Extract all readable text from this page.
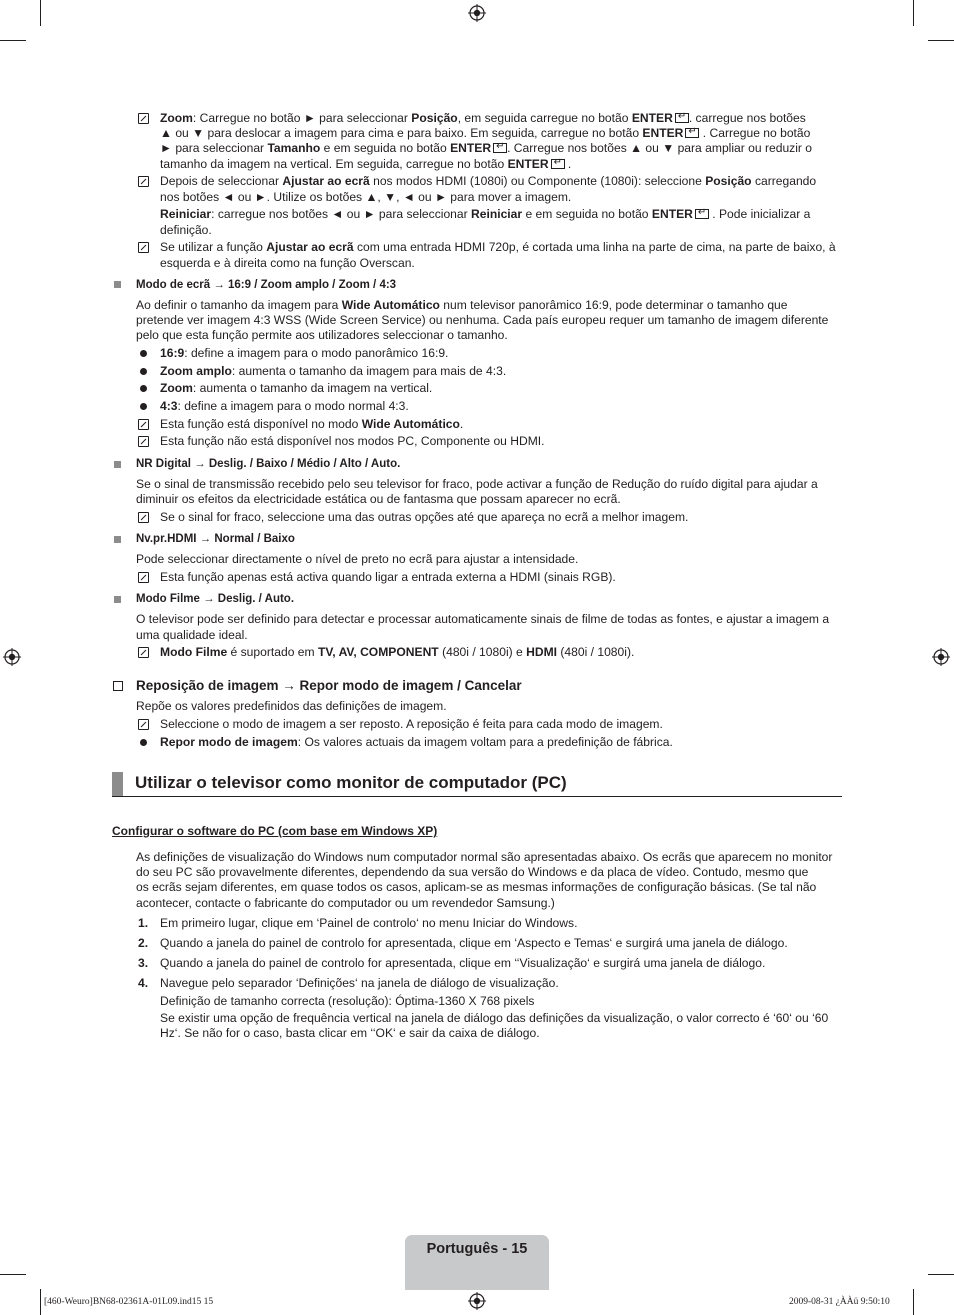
Zoom: Carregue no botão ► para seleccionar Posição, em seguida carregue no botão ENTER ↵ . carregue nos botões
▲ ou ▼ para deslocar a imagem para cima e para baixo. Em seguida, carregue no botão ENTER↵ . Carregue no botão
► para seleccionar Tamanho e em seguida no botão ENTER ↵ . Carregue nos botões ▲ ou ▼ para ampliar ou reduzir o
tamanho da imagem na vertical. Em seguida, carregue no botão ENTER↵ .
Depois de seleccionar Ajustar ao ecrã nos modos HDMI (1080i) ou Componente (1080i): seleccione Posição carregando
nos botões ◄ ou ►. Utilize os botões ▲, ▼, ◄ ou ► para mover a imagem.
Reiniciar: carregue nos botões ◄ ou ► para seleccionar Reiniciar e em seguida no botão ENTER↵ . Pode inicializar a
definição.
Se utilizar a função Ajustar ao ecrã com uma entrada HDMI 720p, é cortada uma linha na parte de cima, na parte de baixo, à
esquerda e à direita como na função Overscan.
Modo de ecrã → 16:9 / Zoom amplo / Zoom / 4:3
Ao definir o tamanho da imagem para Wide Automático num televisor panorâmico 16:9, pode determinar o tamanho que
pretende ver imagem 4:3 WSS (Wide Screen Service) ou nenhuma. Cada país europeu requer um tamanho de imagem diferente
pelo que esta função permite aos utilizadores seleccionar o tamanho.
16:9: define a imagem para o modo panorâmico 16:9.
Zoom amplo: aumenta o tamanho da imagem para mais de 4:3.
Zoom: aumenta o tamanho da imagem na vertical.
4:3: define a imagem para o modo normal 4:3.
Esta função está disponível no modo Wide Automático.
Esta função não está disponível nos modos PC, Componente ou HDMI.
NR Digital → Deslig. / Baixo / Médio / Alto / Auto.
Se o sinal de transmissão recebido pelo seu televisor for fraco, pode activar a função de Redução do ruído digital para ajudar a
diminuir os efeitos da electricidade estática ou de fantasma que possam aparecer no ecrã.
Se o sinal for fraco, seleccione uma das outras opções até que apareça no ecrã a melhor imagem.
Nv.pr.HDMI → Normal / Baixo
Pode seleccionar directamente o nível de preto no ecrã para ajustar a intensidade.
Esta função apenas está activa quando ligar a entrada externa a HDMI (sinais RGB).
Modo Filme → Deslig. / Auto.
O televisor pode ser definido para detectar e processar automaticamente sinais de filme de todas as fontes, e ajustar a imagem a
uma qualidade ideal.
Modo Filme é suportado em TV, AV, COMPONENT (480i / 1080i) e HDMI (480i / 1080i).
Reposição de imagem → Repor modo de imagem / Cancelar
Repõe os valores predefinidos das definições de imagem.
Seleccione o modo de imagem a ser reposto. A reposição é feita para cada modo de imagem.
Repor modo de imagem: Os valores actuais da imagem voltam para a predefinição de fábrica.
Utilizar o televisor como monitor de computador (PC)
Configurar o software do PC (com base em Windows XP)
As definições de visualização do Windows num computador normal são apresentadas abaixo. Os ecrãs que aparecem no monitor
do seu PC são provavelmente diferentes, dependendo da sua versão do Windows e da placa de vídeo. Contudo, mesmo que
os ecrãs sejam diferentes, em quase todos os casos, aplicam-se as mesmas informações de configuração básicas. (Se tal não
acontecer, contacte o fabricante do computador ou um revendedor Samsung.)
1. Em primeiro lugar, clique em ‘Painel de controlo‘ no menu Iniciar do Windows.
2. Quando a janela do painel de controlo for apresentada, clique em ‘Aspecto e Temas‘ e surgirá uma janela de diálogo.
3. Quando a janela do painel de controlo for apresentada, clique em ‘‘Visualização‘ e surgirá uma janela de diálogo.
4. Navegue pelo separador ‘Definições‘ na janela de diálogo de visualização.
Definição de tamanho correcta (resolução): Óptima-1360 X 768 pixels
Se existir uma opção de frequência vertical na janela de diálogo das definições da visualização, o valor correcto é ‘60‘ ou ‘60
Hz‘. Se não for o caso, basta clicar em ‘‘OK‘ e sair da caixa de diálogo.
Português - 15
[460-Weuro]BN68-02361A-01L09.ind15 15	2009-08-31 ¿ÀÀü 9:50:10
